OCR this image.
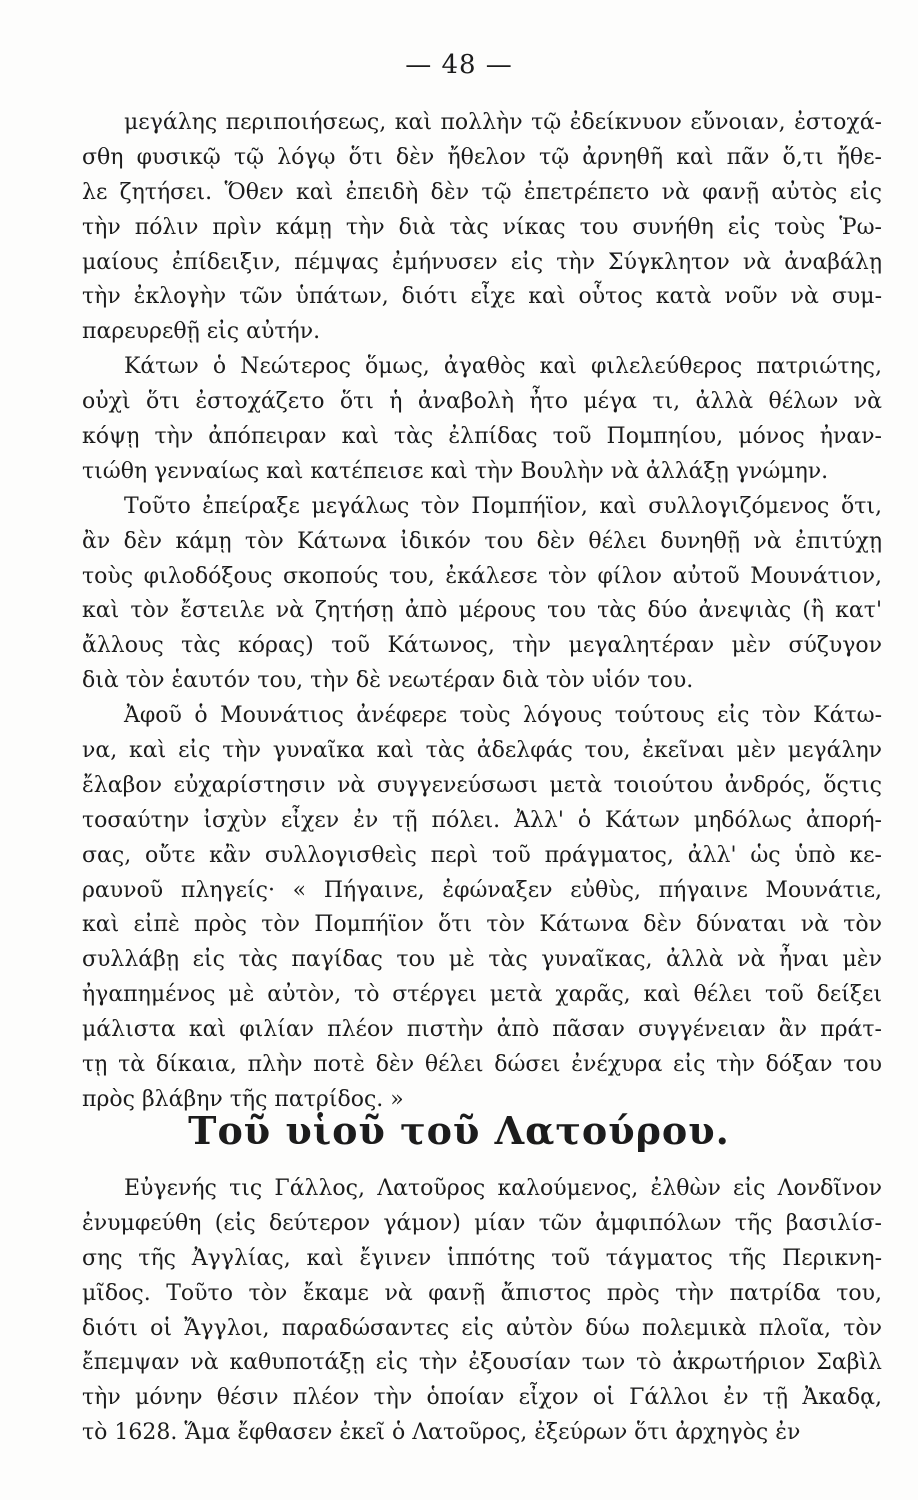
— 48 —
μεγάλης περιποιήσεως, καὶ πολλὴν τῷ ἐδείκνυον εὔνοιαν, ἐστοχά-
σθη φυσικῷ τῷ λόγῳ ὅτι δὲν ἤθελον τῷ ἀρνηθῆ καὶ πᾶν ὅ,τι ἤθε-
λε ζητήσει. Ὅθεν καὶ ἐπειδὴ δὲν τῷ ἐπετρέπετο νὰ φανῇ αὐτὸς εἰς
τὴν πόλιν πρὶν κάμῃ τὴν διὰ τὰς νίκας του συνήθη εἰς τοὺς Ῥω-
μαίους ἐπίδειξιν, πέμψας ἐμήνυσεν εἰς τὴν Σύγκλητον νὰ ἀναβάλῃ
τὴν ἐκλογὴν τῶν ὑπάτων, διότι εἶχε καὶ οὗτος κατὰ νοῦν νὰ συμ-
παρευρεθῇ εἰς αὐτήν.
Κάτων ὁ Νεώτερος ὅμως, ἀγαθὸς καὶ φιλελεύθερος πατριώτης,
οὐχὶ ὅτι ἐστοχάζετο ὅτι ἡ ἀναβολὴ ἦτο μέγα τι, ἀλλὰ θέλων νὰ
κόψῃ τὴν ἀπόπειραν καὶ τὰς ἐλπίδας τοῦ Πομπηίου, μόνος ἠναν-
τιώθη γενναίως καὶ κατέπεισε καὶ τὴν Βουλὴν νὰ ἀλλάξῃ γνώμην.
Τοῦτο ἐπείραξε μεγάλως τὸν Πομπήϊον, καὶ συλλογιζόμενος ὅτι,
ἂν δὲν κάμῃ τὸν Κάτωνα ἰδικόν του δὲν θέλει δυνηθῇ νὰ ἐπιτύχῃ
τοὺς φιλοδόξους σκοπούς του, ἐκάλεσε τὸν φίλον αὐτοῦ Μουνάτιον,
καὶ τὸν ἔστειλε νὰ ζητήσῃ ἀπὸ μέρους του τὰς δύο ἀνεψιὰς (ἢ κατ'
ἄλλους τὰς κόρας) τοῦ Κάτωνος, τὴν μεγαλητέραν μὲν σύζυγον
διὰ τὸν ἑαυτόν του, τὴν δὲ νεωτέραν διὰ τὸν υἱόν του.
Ἀφοῦ ὁ Μουνάτιος ἀνέφερε τοὺς λόγους τούτους εἰς τὸν Κάτω-
να, καὶ εἰς τὴν γυναῖκα καὶ τὰς ἀδελφάς του, ἐκεῖναι μὲν μεγάλην
ἔλαβον εὐχαρίστησιν νὰ συγγενεύσωσι μετὰ τοιούτου ἀνδρός, ὅςτις
τοσαύτην ἰσχὺν εἶχεν ἐν τῇ πόλει. Ἀλλ' ὁ Κάτων μηδόλως ἀπορή-
σας, οὔτε κἂν συλλογισθεὶς περὶ τοῦ πράγματος, ἀλλ' ὡς ὑπὸ κε-
ραυνοῦ πληγείς· « Πήγαινε, ἐφώναξεν εὐθὺς, πήγαινε Μουνάτιε,
καὶ εἰπὲ πρὸς τὸν Πομπήϊον ὅτι τὸν Κάτωνα δὲν δύναται νὰ τὸν
συλλάβῃ εἰς τὰς παγίδας του μὲ τὰς γυναῖκας, ἀλλὰ νὰ ἦναι μὲν
ἠγαπημένος μὲ αὐτὸν, τὸ στέργει μετὰ χαρᾶς, καὶ θέλει τοῦ δείξει
μάλιστα καὶ φιλίαν πλέον πιστὴν ἀπὸ πᾶσαν συγγένειαν ἂν πράτ-
τῃ τὰ δίκαια, πλὴν ποτὲ δὲν θέλει δώσει ἐνέχυρα εἰς τὴν δόξαν του
πρὸς βλάβην τῆς πατρίδος. »
Τοῦ υἱοῦ τοῦ Λατούρου.
Εὐγενής τις Γάλλος, Λατοῦρος καλούμενος, ἐλθὼν εἰς Λονδῖνον
ἐνυμφεύθη (εἰς δεύτερον γάμον) μίαν τῶν ἀμφιπόλων τῆς βασιλίσ-
σης τῆς Ἀγγλίας, καὶ ἔγινεν ἱππότης τοῦ τάγματος τῆς Περικνη-
μῖδος. Τοῦτο τὸν ἔκαμε νὰ φανῇ ἄπιστος πρὸς τὴν πατρίδα του,
διότι οἱ Ἄγγλοι, παραδώσαντες εἰς αὐτὸν δύω πολεμικὰ πλοῖα, τὸν
ἔπεμψαν νὰ καθυποτάξῃ εἰς τὴν ἐξουσίαν των τὸ ἀκρωτήριον Σαβὶλ
τὴν μόνην θέσιν πλέον τὴν ὁποίαν εἶχον οἱ Γάλλοι ἐν τῇ Ἀκαδᾳ,
τὸ 1628. Ἅμα ἔφθασεν ἐκεῖ ὁ Λατοῦρος, ἐξεύρων ὅτι ἀρχηγὸς ἐν
